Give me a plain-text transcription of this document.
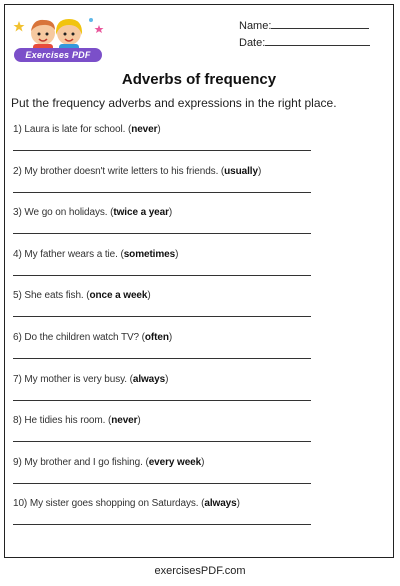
Exercises PDF
Name:
Date:
Adverbs of frequency
Put the frequency adverbs and expressions in the right place.
1) Laura is late for school. (never)
2) My brother doesn't write letters to his friends. (usually)
3) We go on holidays. (twice a year)
4) My father wears a tie. (sometimes)
5) She eats fish. (once a week)
6) Do the children watch TV? (often)
7) My mother is very busy. (always)
8) He tidies his room. (never)
9) My brother and I go fishing. (every week)
10) My sister goes shopping on Saturdays. (always)
exercisesPDF.com
